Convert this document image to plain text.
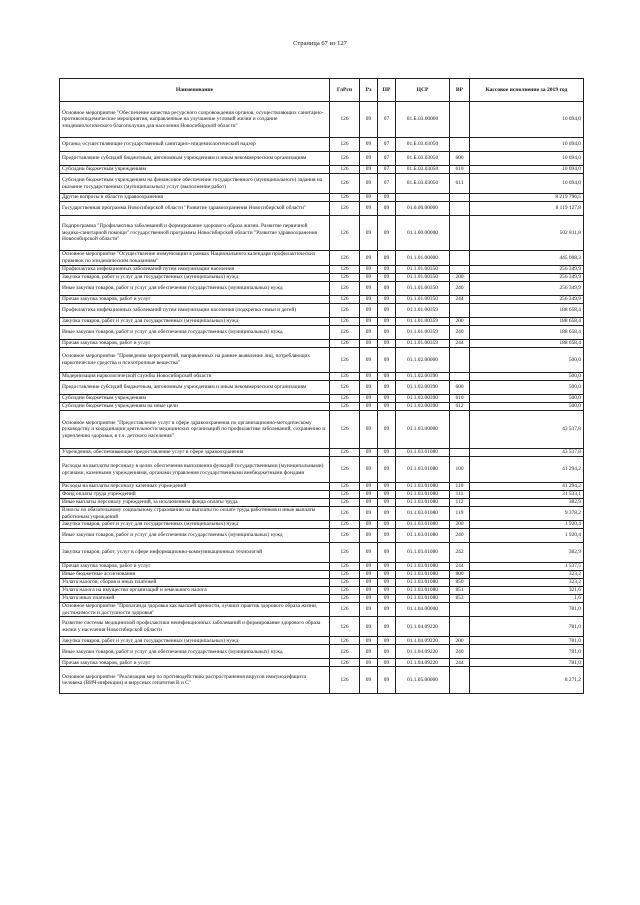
Страница 67 из 127
Наименование	ГлРсп	Рз	ПР	ЦСР	ВР	Кассовое исполнение за 2019 год
Основное мероприятие "Обеспечение качества ресурсного сопровождения органов, осуществляющих санитарно-противоэпидемические мероприятия, направленные на улучшение условий жизни и создание эпидемиологического благополучия для населения Новосибирской области"	126	09	07	01.Б.03.00000		10 694,0
Органы, осуществляющие государственный санитарно-эпидемиологический надзор	126	09	07	01.Б.03.03050		10 694,0
Предоставление субсидий бюджетным, автономным учреждениям и иным некоммерческим организациям	126	09	07	01.Б.03.03050	600	10 694,0
Субсидии бюджетным учреждениям	126	09	07	01.Б.03.03050	610	10 694,0
Субсидии бюджетным учреждениям на финансовое обеспечение государственного (муниципального) задания на оказание государственных (муниципальных) услуг (выполнение работ)	126	09	07	01.Б.03.03050	611	10 694,0
Другие вопросы в области здравоохранения	126	09	09			8 219 796,5
Государственная программа Новосибирской области "Развитие здравоохранения Новосибирской области"	126	09	09	01.0.00.00000		8 119 127,8
Подпрограмма "Профилактика заболеваний и формирование здорового образа жизни. Развитие первичной медико-санитарной помощи" государственной программы Новосибирской области "Развитие здравоохранения Новосибирской области"	126	09	09	01.1.00.00000		502 811,8
Основное мероприятие "Осуществление иммунизации в рамках Национального календаря профилактических прививок по эпидемическим показаниям"	126	09	09	01.1.01.00000		445 008,3
Профилактика инфекционных заболеваний путем иммунизации населения	126	09	09	01.1.01.00350		256 349,9
Закупка товаров, работ и услуг для государственных (муниципальных) нужд	126	09	09	01.1.01.00350	200	256 349,9
Иные закупки товаров, работ и услуг для обеспечения государственных (муниципальных) нужд	126	09	09	01.1.01.00350	240	256 349,9
Прочая закупка товаров, работ и услуг	126	09	09	01.1.01.00350	244	256 349,9
Профилактика инфекционных заболеваний путем иммунизации населения (подкрепка семьи и детей)	126	09	09	01.1.01.00359		188 658,4
Закупка товаров, работ и услуг для государственных (муниципальных) нужд	126	09	09	01.1.01.00359	200	188 658,4
Иные закупки товаров, работ и услуг для обеспечения государственных (муниципальных) нужд	126	09	09	01.1.01.00359	240	188 658,4
Прочая закупка товаров, работ и услуг	126	09	09	01.1.01.00359	244	188 658,4
Основное мероприятие "Проведение мероприятий, направленных на раннее выявление лиц, потребляющих наркотические средства и психотропные вещества"	126	09	09	01.1.02.00000		500,0
Модернизация наркологической службы Новосибирской области	126	09	09	01.1.02.00390		500,0
Предоставление субсидий бюджетным, автономным учреждениям и иным некоммерческим организациям	126	09	09	01.1.02.00390	600	500,0
Субсидии бюджетным учреждениям	126	09	09	01.1.02.00390	610	500,0
Субсидии бюджетным учреждениям на иные цели	126	09	09	01.1.02.00390	612	500,0
Основное мероприятие "Предоставление услуг в сфере здравоохранения по организационно-методическому руководству и координации деятельности медицинских организаций по профилактике заболеваний, сохранению и укреплению здоровья, в т.ч. детского населения"	126	09	09	01.1.03.00000		43 537,8
Учреждения, обеспечивающие предоставление услуг в сфере здравоохранения	126	09	09	01.1.03.01080		43 537,8
Расходы на выплаты персоналу в целях обеспечения выполнения функций государственными (муниципальными) органами, казенными учреждениями, органами управления государственными внебюджетными фондами	126	09	09	01.1.03.01080	100	41 294,2
Расходы на выплаты персоналу казенных учреждений	126	09	09	01.1.03.01080	110	41 294,2
Фонд оплаты труда учреждений	126	09	09	01.1.03.01080	111	31 533,1
Иные выплаты персоналу учреждений, за исключением фонда оплаты труда	126	09	09	01.1.03.01080	112	382,9
Взносы по обязательному социальному страхованию на выплаты по оплате труда работников и иные выплаты работникам учреждений	126	09	09	01.1.03.01080	119	9 378,2
Закупка товаров, работ и услуг для государственных (муниципальных) нужд	126	09	09	01.1.03.01080	200	1 920,4
Иные закупки товаров, работ и услуг для обеспечения государственных (муниципальных) нужд	126	09	09	01.1.03.01080	240	1 920,4
Закупка товаров, работ, услуг в сфере информационно-коммуникационных технологий	126	09	09	01.1.03.01080	242	382,9
Прочая закупка товаров, работ и услуг	126	09	09	01.1.03.01080	244	1 537,5
Иные бюджетные ассигнования	126	09	09	01.1.03.01080	800	323,2
Уплата налогов, сборов и иных платежей	126	09	09	01.1.03.01080	850	323,2
Уплата налога на имущество организаций и земельного налога	126	09	09	01.1.03.01080	851	321,6
Уплата иных платежей	126	09	09	01.1.03.01080	853	1,6
Основное мероприятие "Пропаганда здоровья как высшей ценности, лучших практик здорового образа жизни, достижимости и доступности здоровья"	126	09	09	01.1.04.00000		781,0
Развитие системы медицинской профилактики неинфекционных заболеваний и формирование здорового образа жизни у населения Новосибирской области	126	09	09	01.1.04.09220		781,0
Закупка товаров, работ и услуг для государственных (муниципальных) нужд	126	09	09	01.1.04.09220	200	781,0
Иные закупки товаров, работ и услуг для обеспечения государственных (муниципальных) нужд	126	09	09	01.1.04.09220	240	781,0
Прочая закупка товаров, работ и услуг	126	09	09	01.1.04.09220	244	781,0
Основное мероприятие "Реализация мер по противодействию распространения вирусов иммунодефицита человека (ВИЧ-инфекции) и вирусных гепатитов В и С"	126	09	09	01.1.05.00000		8 271,2
